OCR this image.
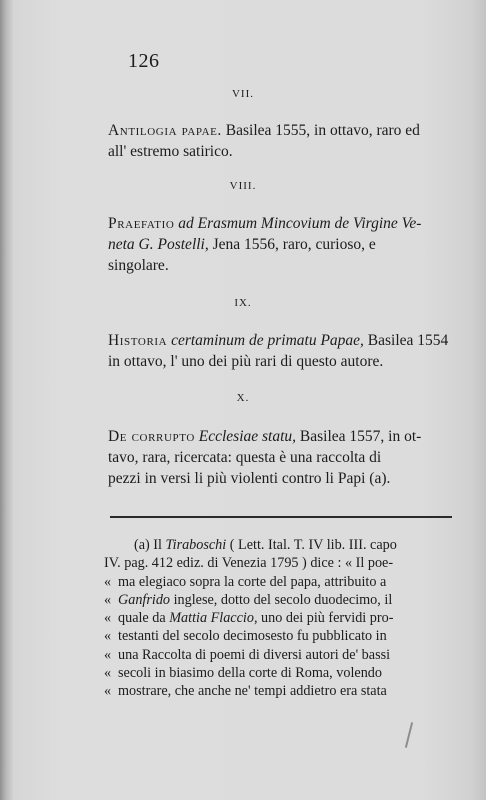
126
VII.
Antilogia papae. Basilea 1555, in ottavo, raro ed
all' estremo satirico.
VIII.
Praefatio ad Erasmum Mincovium de Virgine Ve-
neta G. Postelli, Jena 1556, raro, curioso, e
singolare.
IX.
Historia certaminum de primatu Papae, Basilea 1554
in ottavo, l' uno dei più rari di questo autore.
X.
De corrupto Ecclesiae statu, Basilea 1557, in ot-
tavo, rara, ricercata: questa è una raccolta di
pezzi in versi li più violenti contro li Papi (a).
(a) Il Tiraboschi ( Lett. Ital. T. IV lib. III. capo
IV. pag. 412 ediz. di Venezia 1795 ) dice : « Il poe-
« ma elegiaco sopra la corte del papa, attribuito a
« Ganfrido inglese, dotto del secolo duodecimo, il
« quale da Mattia Flaccio, uno dei più fervidi pro-
« testanti del secolo decimosesto fu pubblicato in
« una Raccolta di poemi di diversi autori de' bassi
« secoli in biasimo della corte di Roma, volendo
« mostrare, che anche ne' tempi addietro era stata
